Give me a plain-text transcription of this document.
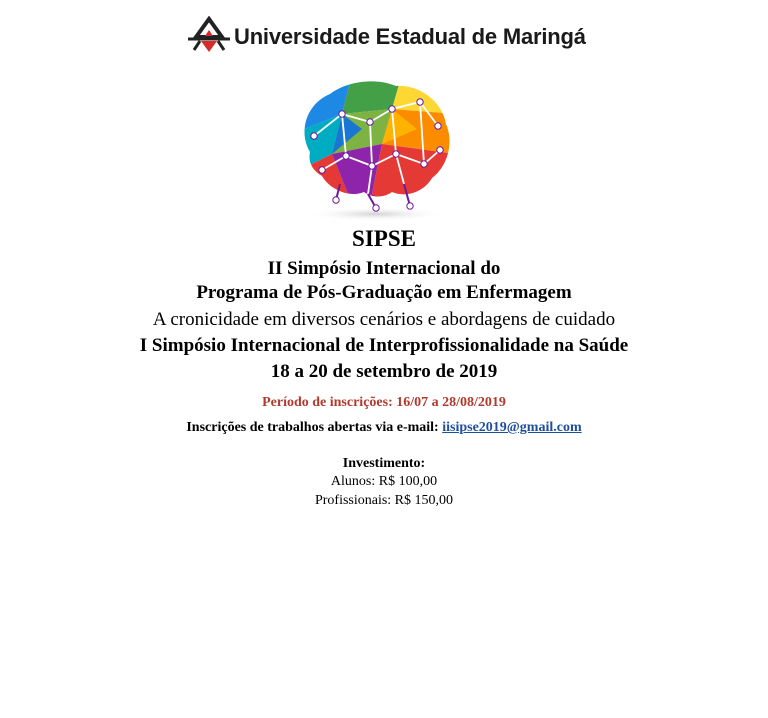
Universidade Estadual de Maringá
SIPSE
II Simpósio Internacional do
Programa de Pós-Graduação em Enfermagem
A cronicidade em diversos cenários e abordagens de cuidado
I Simpósio Internacional de Interprofissionalidade na Saúde
18 a 20 de setembro de 2019
Período de inscrições: 16/07 a 28/08/2019
Inscrições de trabalhos abertas via e-mail: iisipse2019@gmail.com
Investimento:
Alunos: R$ 100,00
Profissionais: R$ 150,00
